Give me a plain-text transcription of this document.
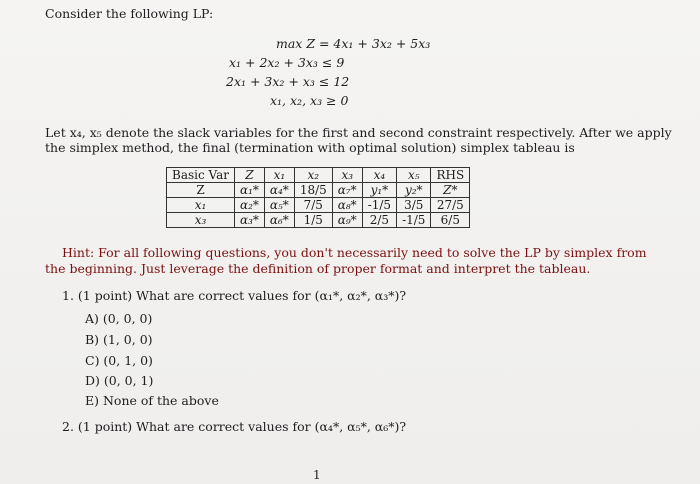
Consider the following LP:
max Z = 4x₁ + 3x₂ + 5x₃
x₁ + 2x₂ + 3x₃ ≤ 9
2x₁ + 3x₂ + x₃ ≤ 12
x₁, x₂, x₃ ≥ 0
Let x₄, x₅ denote the slack variables for the first and second constraint respectively. After we apply
the simplex method, the final (termination with optimal solution) simplex tableau is
Basic Var	Z	x₁	x₂	x₃	x₄	x₅	RHS
Z	α₁*	α₄*	18/5	α₇*	y₁*	y₂*	Z*
x₁	α₂*	α₅*	7/5	α₈*	-1/5	3/5	27/5
x₃	α₃*	α₆*	1/5	α₉*	2/5	-1/5	6/5
Hint: For all following questions, you don't necessarily need to solve the LP by simplex from
the beginning. Just leverage the definition of proper format and interpret the tableau.
1. (1 point) What are correct values for (α₁*, α₂*, α₃*)?
A) (0, 0, 0)
B) (1, 0, 0)
C) (0, 1, 0)
D) (0, 0, 1)
E) None of the above
2. (1 point) What are correct values for (α₄*, α₅*, α₆*)?
1
